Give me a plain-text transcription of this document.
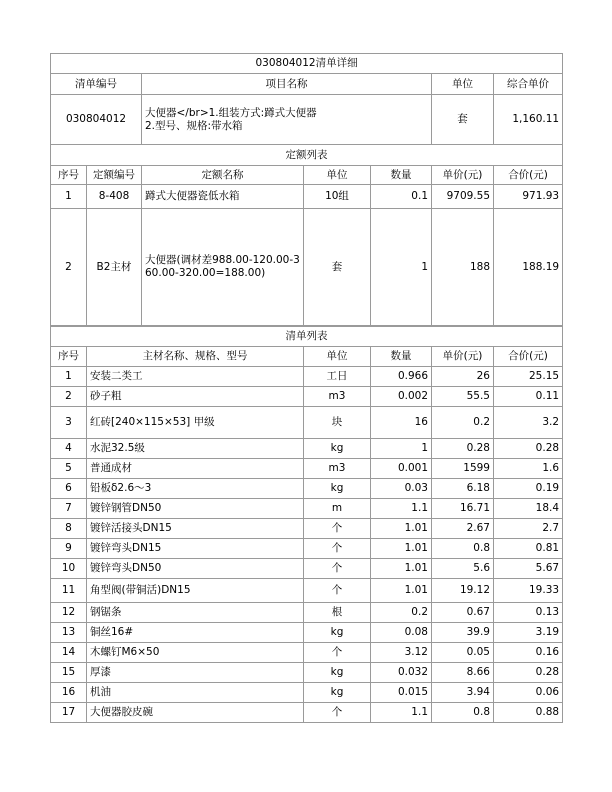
030804012清单详细						
清单编号		项目名称			单位	综合单价
030804012		大便器</br>1.组装方式:蹲式大便器
2.型号、规格:带水箱			套	1,160.11
定额列表						
序号	定额编号	定额名称	单位	数量	单价(元)	合价(元)
1	8-408	蹲式大便器瓷低水箱	10组	0.1	9709.55	971.93
2	B2主材	大便器(调材差988.00-120.00-360.00-320.00=188.00)	套	1	188	188.19
清单列表					
序号	主材名称、规格、型号	单位	数量	单价(元)	合价(元)
1	安装二类工	工日	0.966	26	25.15
2	砂子粗	m3	0.002	55.5	0.11
3	红砖[240×115×53] 甲级	块	16	0.2	3.2
4	水泥32.5级	kg	1	0.28	0.28
5	普通成材	m3	0.001	1599	1.6
6	铅板δ2.6～3	kg	0.03	6.18	0.19
7	镀锌钢管DN50	m	1.1	16.71	18.4
8	镀锌活接头DN15	个	1.01	2.67	2.7
9	镀锌弯头DN15	个	1.01	0.8	0.81
10	镀锌弯头DN50	个	1.01	5.6	5.67
11	角型阀(带铜活)DN15	个	1.01	19.12	19.33
12	钢锯条	根	0.2	0.67	0.13
13	铜丝16#	kg	0.08	39.9	3.19
14	木螺钉M6×50	个	3.12	0.05	0.16
15	厚漆	kg	0.032	8.66	0.28
16	机油	kg	0.015	3.94	0.06
17	大便器胶皮碗	个	1.1	0.8	0.88
